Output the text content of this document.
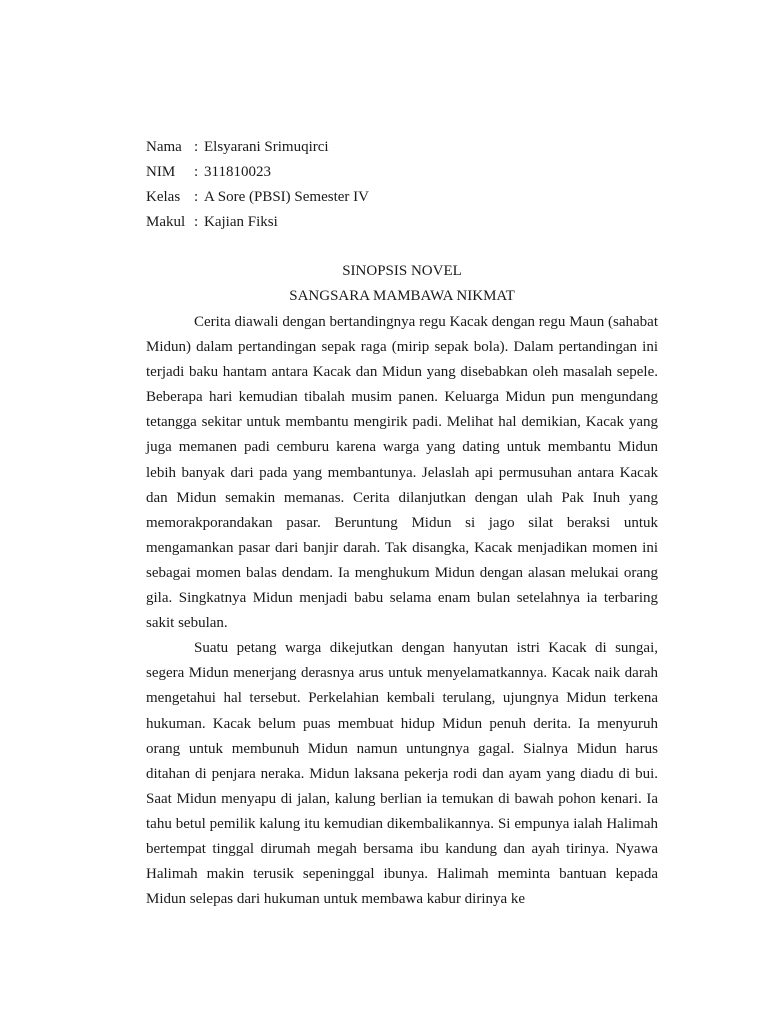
Nama : Elsyarani Srimuqirci
NIM	: 311810023
Kelas : A Sore (PBSI) Semester IV
Makul : Kajian Fiksi
SINOPSIS NOVEL
SANGSARA MAMBAWA NIKMAT

Cerita diawali dengan bertandingnya regu Kacak dengan regu Maun (sahabat Midun) dalam pertandingan sepak raga (mirip sepak bola). Dalam pertandingan ini terjadi baku hantam antara Kacak dan Midun yang disebabkan oleh masalah sepele. Beberapa hari kemudian tibalah musim panen. Keluarga Midun pun mengundang tetangga sekitar untuk membantu mengirik padi. Melihat hal demikian, Kacak yang juga memanen padi cemburu karena warga yang dating untuk membantu Midun lebih banyak dari pada yang membantunya. Jelaslah api permusuhan antara Kacak dan Midun semakin memanas. Cerita dilanjutkan dengan ulah Pak Inuh yang memorakporandakan pasar. Beruntung Midun si jago silat beraksi untuk mengamankan pasar dari banjir darah. Tak disangka, Kacak menjadikan momen ini sebagai momen balas dendam. Ia menghukum Midun dengan alasan melukai orang gila. Singkatnya Midun menjadi babu selama enam bulan setelahnya ia terbaring sakit sebulan.

Suatu petang warga dikejutkan dengan hanyutan istri Kacak di sungai, segera Midun menerjang derasnya arus untuk menyelamatkannya. Kacak naik darah mengetahui hal tersebut. Perkelahian kembali terulang, ujungnya Midun terkena hukuman. Kacak belum puas membuat hidup Midun penuh derita. Ia menyuruh orang untuk membunuh Midun namun untungnya gagal. Sialnya Midun harus ditahan di penjara neraka. Midun laksana pekerja rodi dan ayam yang diadu di bui. Saat Midun menyapu di jalan, kalung berlian ia temukan di bawah pohon kenari. Ia tahu betul pemilik kalung itu kemudian dikembalikannya. Si empunya ialah Halimah bertempat tinggal dirumah megah bersama ibu kandung dan ayah tirinya. Nyawa Halimah makin terusik sepeninggal ibunya. Halimah meminta bantuan kepada Midun selepas dari hukuman untuk membawa kabur dirinya ke
